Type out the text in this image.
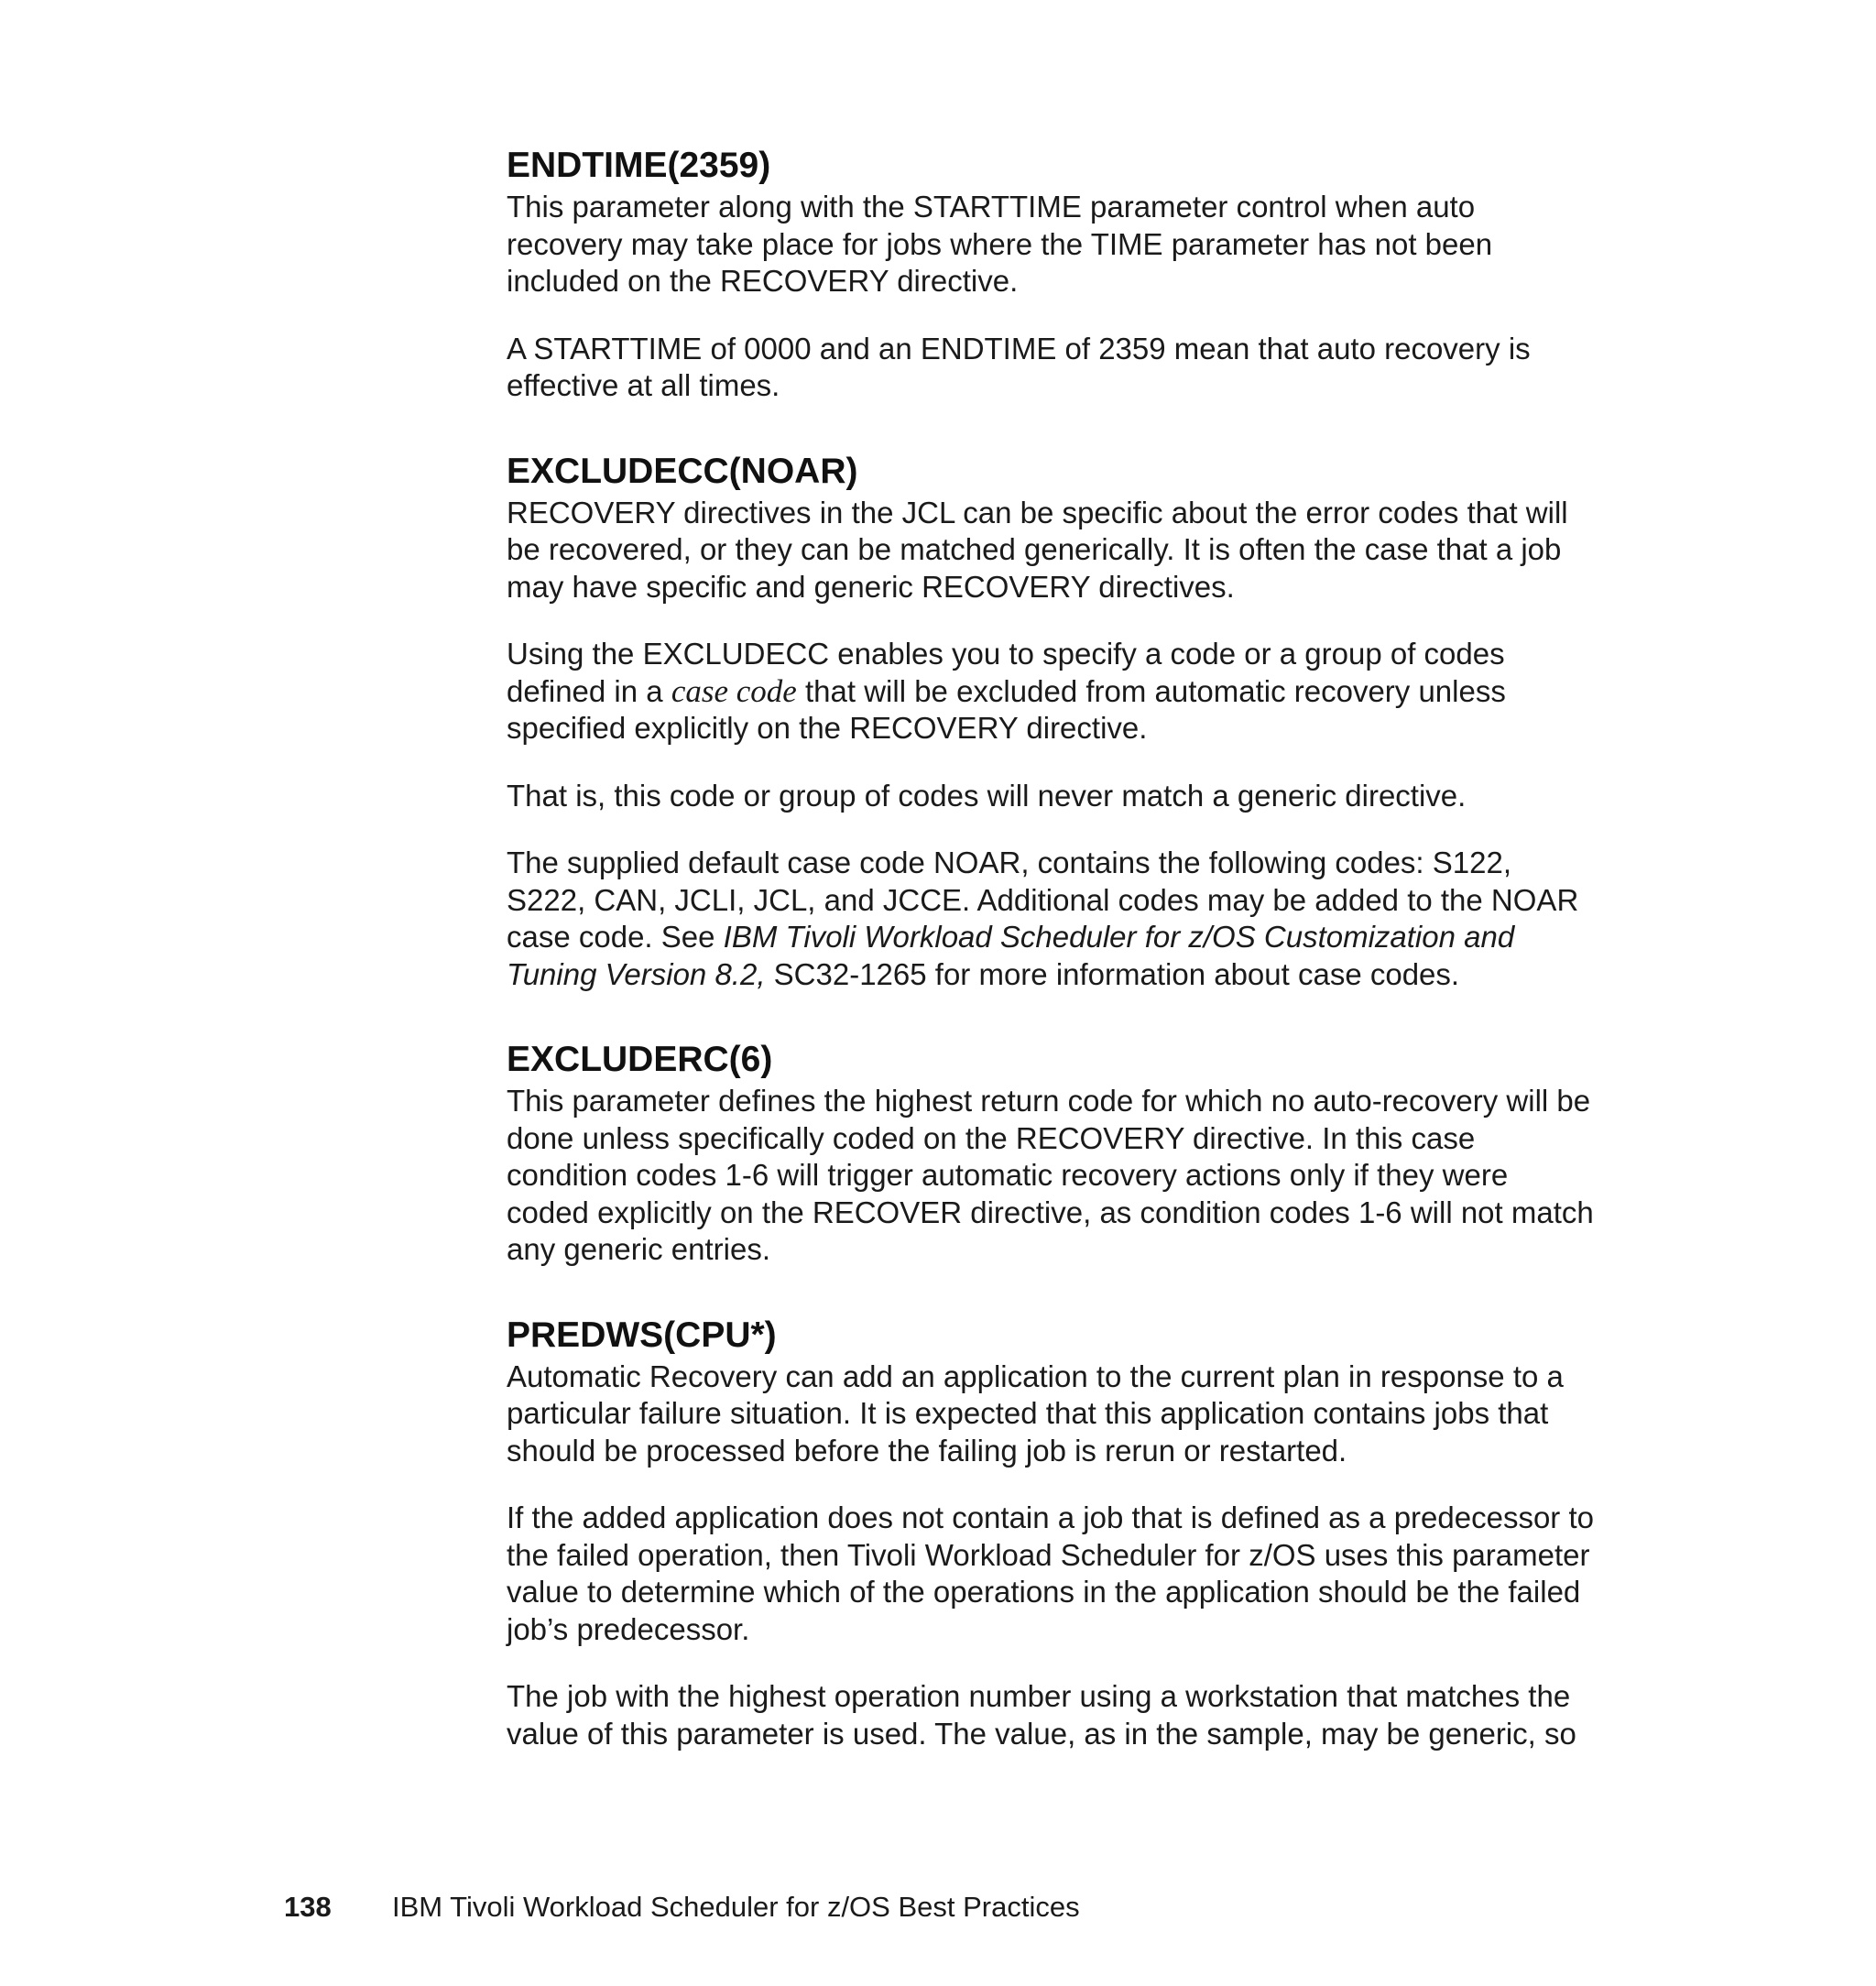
ENDTIME(2359)
This parameter along with the STARTTIME parameter control when auto
recovery may take place for jobs where the TIME parameter has not been
included on the RECOVERY directive.
A STARTTIME of 0000 and an ENDTIME of 2359 mean that auto recovery is
effective at all times.
EXCLUDECC(NOAR)
RECOVERY directives in the JCL can be specific about the error codes that will
be recovered, or they can be matched generically. It is often the case that a job
may have specific and generic RECOVERY directives.
Using the EXCLUDECC enables you to specify a code or a group of codes
defined in a case code that will be excluded from automatic recovery unless
specified explicitly on the RECOVERY directive.
That is, this code or group of codes will never match a generic directive.
The supplied default case code NOAR, contains the following codes: S122,
S222, CAN, JCLI, JCL, and JCCE. Additional codes may be added to the NOAR
case code. See IBM Tivoli Workload Scheduler for z/OS Customization and
Tuning Version 8.2, SC32-1265 for more information about case codes.
EXCLUDERC(6)
This parameter defines the highest return code for which no auto-recovery will be
done unless specifically coded on the RECOVERY directive. In this case
condition codes 1-6 will trigger automatic recovery actions only if they were
coded explicitly on the RECOVER directive, as condition codes 1-6 will not match
any generic entries.
PREDWS(CPU*)
Automatic Recovery can add an application to the current plan in response to a
particular failure situation. It is expected that this application contains jobs that
should be processed before the failing job is rerun or restarted.
If the added application does not contain a job that is defined as a predecessor to
the failed operation, then Tivoli Workload Scheduler for z/OS uses this parameter
value to determine which of the operations in the application should be the failed
job’s predecessor.
The job with the highest operation number using a workstation that matches the
value of this parameter is used. The value, as in the sample, may be generic, so
138 IBM Tivoli Workload Scheduler for z/OS Best Practices
